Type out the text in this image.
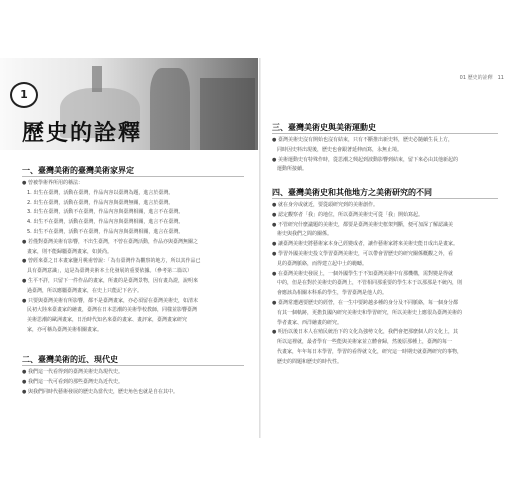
1
歷史的詮釋
01 歷史的詮釋　11
一、臺灣美術的臺灣美術家界定

● 曾被學術界所用的稱法：

　1. 出生在臺灣，活動在臺灣，作品內容以臺灣為題，進言於臺灣。

　2. 出生在臺灣，活動在臺灣，作品內容與臺灣無關，進言於臺灣。

　3. 出生在臺灣，活動不在臺灣，作品內容與臺灣相關，進言不在臺灣。

　4. 出生不在臺灣，活動在臺灣，作品內容與臺灣相關，進言不在臺灣。

　5. 出生不在臺灣，活動不在臺灣，作品內容與臺灣相關，進言在臺灣。

● 若僅對臺灣美術有影響，不出生臺灣，不曾在臺灣活動，作品亦與臺灣無關之

　畫家，則不能歸屬臺灣畫家，如黃尚。

● 曾經來臺之日本畫家鹽月桃甫曾說：「為有臺灣作為觀察的地方，所以其作品已

　具有臺灣意識」，這是為臺灣美術本土化發展的重要依據。（參考第二篇以）

● 生平不詳，只留下一件作品的畫家，所畫的是臺灣景物，因有畫為證，說明來

　過臺灣，所以應屬臺灣畫家，在史上只能記下名字。

● 只要與臺灣美術有所影響，都不是臺灣畫家，亦必須留在臺灣美術史，如清末

　民初大陸來臺畫家的繪畫，臺灣在日本思潮的美術學校教師，同樣並影響臺灣

　美術思潮的歐洲畫家，日治時代知名來臺的畫家、畫評家，臺灣畫家研究

　家，亦可稱為臺灣美術相關畫家。

二、臺灣美術的近、現代史

● 我們這一代看得到的臺灣美術史為現代史。

● 我們這一代可看到的那些臺灣史為近代史。

● 與我們同時代藝術發展的歷史為當代史，歷史角色也就是自在其中。

三、臺灣美術史與美術運動史

● 臺灣美術史沒有開始也沒有結束，只有不斷推出新史料，歷史必隨續生長上方，

　同時因史料出現後，歷史也會跟著延伸而寫，永無止境。

● 美術運動史有特殊作時，從思潮之興起到波動影響到結束，留下來必由其他新起的

　運動所接續。

四、臺灣美術史和其他地方之美術研究的不同

● 就在身旁或就近，要從頭研究到的美術創作。

● 認定觀察者「我」的地位，所以臺灣美術史可從「我」開始寫起。

● 不管研究什麼議題的美術史，都要是臺灣美術史框架判斷，便可加深了解認識美

　術史與我們之間的關係。

● 讓臺灣美術史將藝術家本身己經變成者，讓作藝術家將來美術史能日成出是畫家。

● 學習外國美術史投文學習臺灣美術史，可以帶會習歷史的研究關係概觀之外，看

　見的臺灣脈絡，而得建立起中土的範疇。

● 在臺灣美術史發展上，一個外國學生于不知臺灣美術中有那機構，需對變是得就

　中的，但是在對於美術史的臺灣上，不管相同那重要的學生本于以那那是不統內，則

　會應該為相關本科系的學生，學習臺灣是他人的。

● 臺灣常遭遇要歷史的經營，在一生中要跨越多種的身分及不同脈絡，每一個身分都

　有其一個軌跡，更擔負國內研究美術史和學習研究，所以美術史上應很為臺灣美術的

　學者畫家、西洋繪畫的研究。

● 明治以後日本人在殖民統治下的文化為強勢文化，我們會把那麼個人的文化上，其

　所以這裡就，最者學有一些能與美術家並立體會歸，然後原那種上，臺灣的每一

　代畫家，年年每日本學習，學習的看得就文化，研究這一時期史就臺灣研究的事物，

　歷史的問題和歷史的時代性。
